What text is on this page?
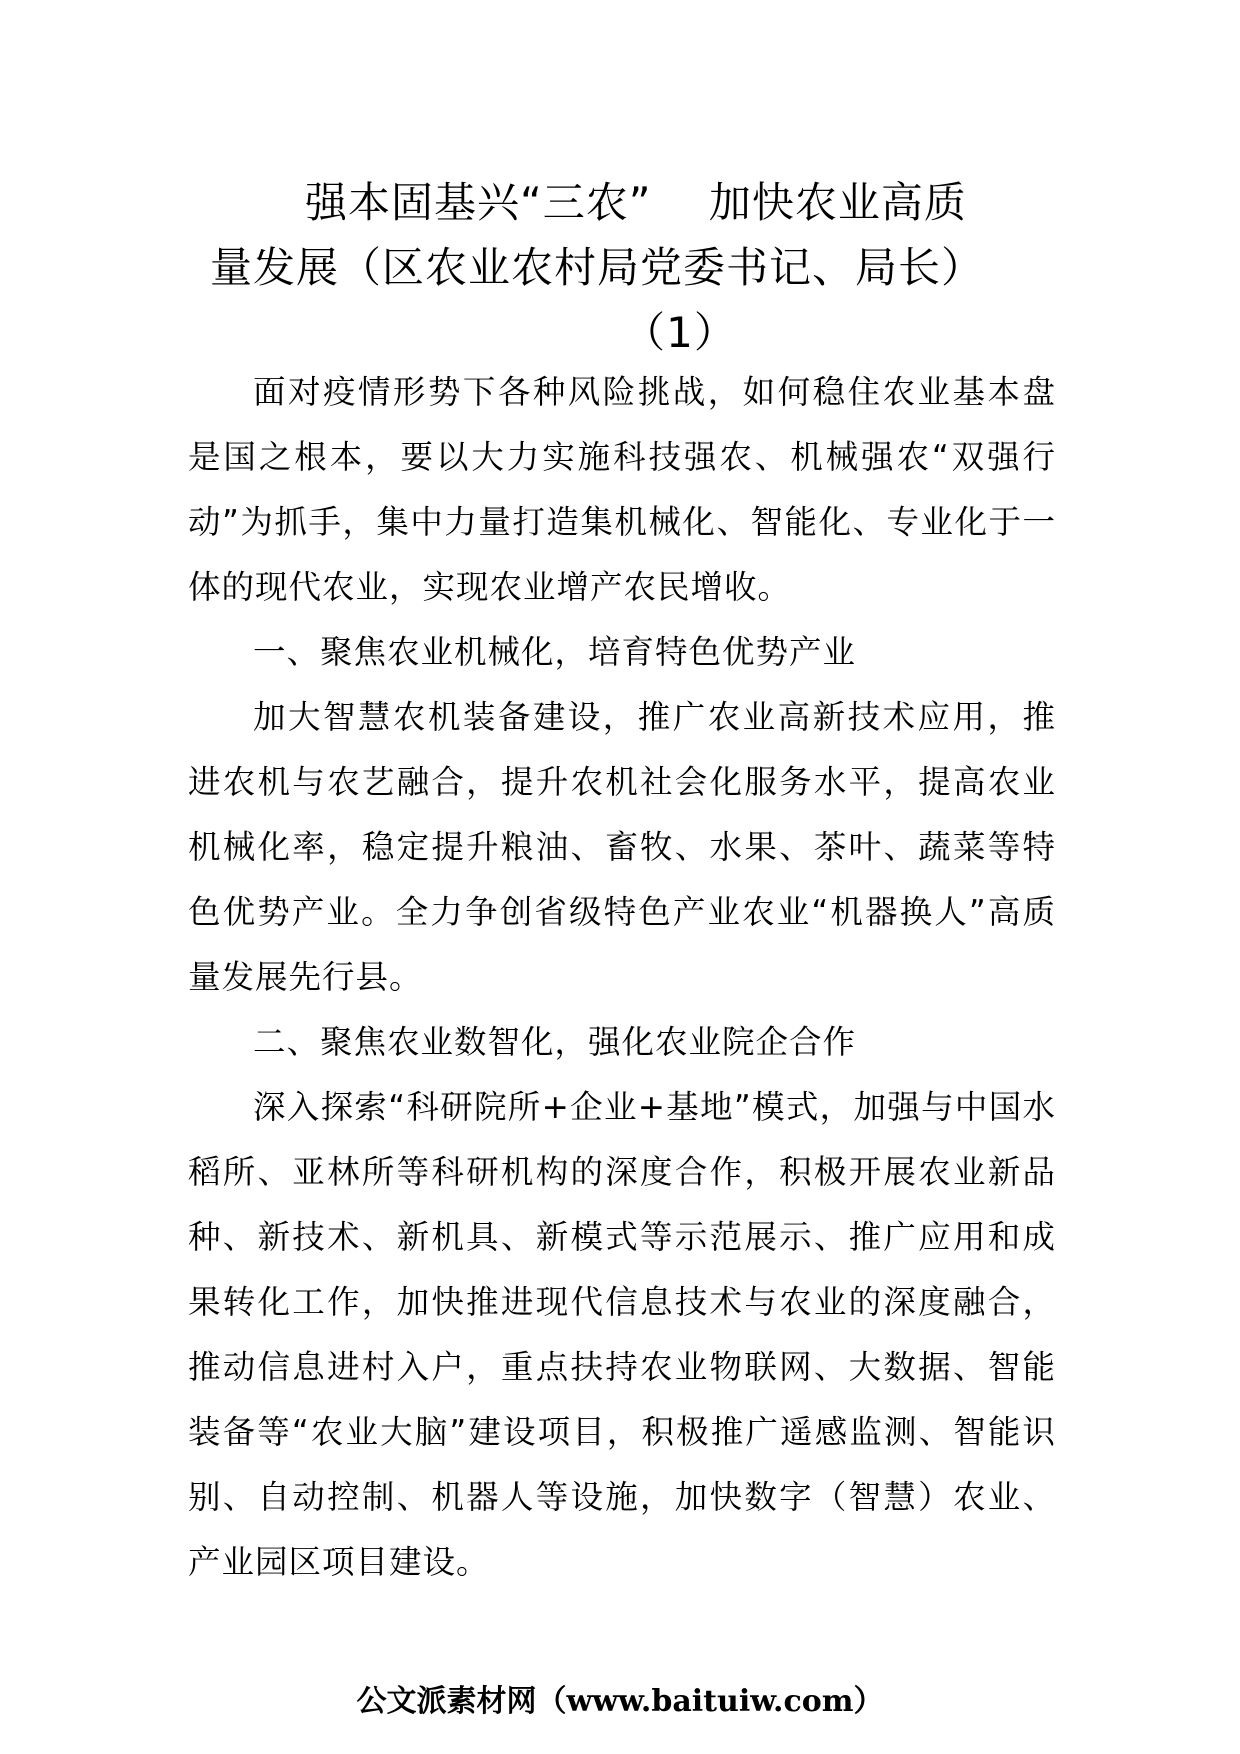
强本固基兴“三农”　 加快农业高质
量发展（区农业农村局党委书记、局长）
（1）

面对疫情形势下各种风险挑战，如何稳住农业基本盘是国之根本，要以大力实施科技强农、机械强农“双强行动”为抓手，集中力量打造集机械化、智能化、专业化于一体的现代农业，实现农业增产农民增收。

一、聚焦农业机械化，培育特色优势产业

加大智慧农机装备建设，推广农业高新技术应用，推进农机与农艺融合，提升农机社会化服务水平，提高农业机械化率，稳定提升粮油、畜牧、水果、茶叶、蔬菜等特色优势产业。全力争创省级特色产业农业“机器换人”高质量发展先行县。

二、聚焦农业数智化，强化农业院企合作

深入探索“科研院所+企业+基地”模式，加强与中国水稻所、亚林所等科研机构的深度合作，积极开展农业新品种、新技术、新机具、新模式等示范展示、推广应用和成果转化工作，加快推进现代信息技术与农业的深度融合，推动信息进村入户，重点扶持农业物联网、大数据、智能装备等“农业大脑”建设项目，积极推广遥感监测、智能识别、自动控制、机器人等设施，加快数字（智慧）农业、产业园区项目建设。

公文派素材网（www.baituiw.com）
